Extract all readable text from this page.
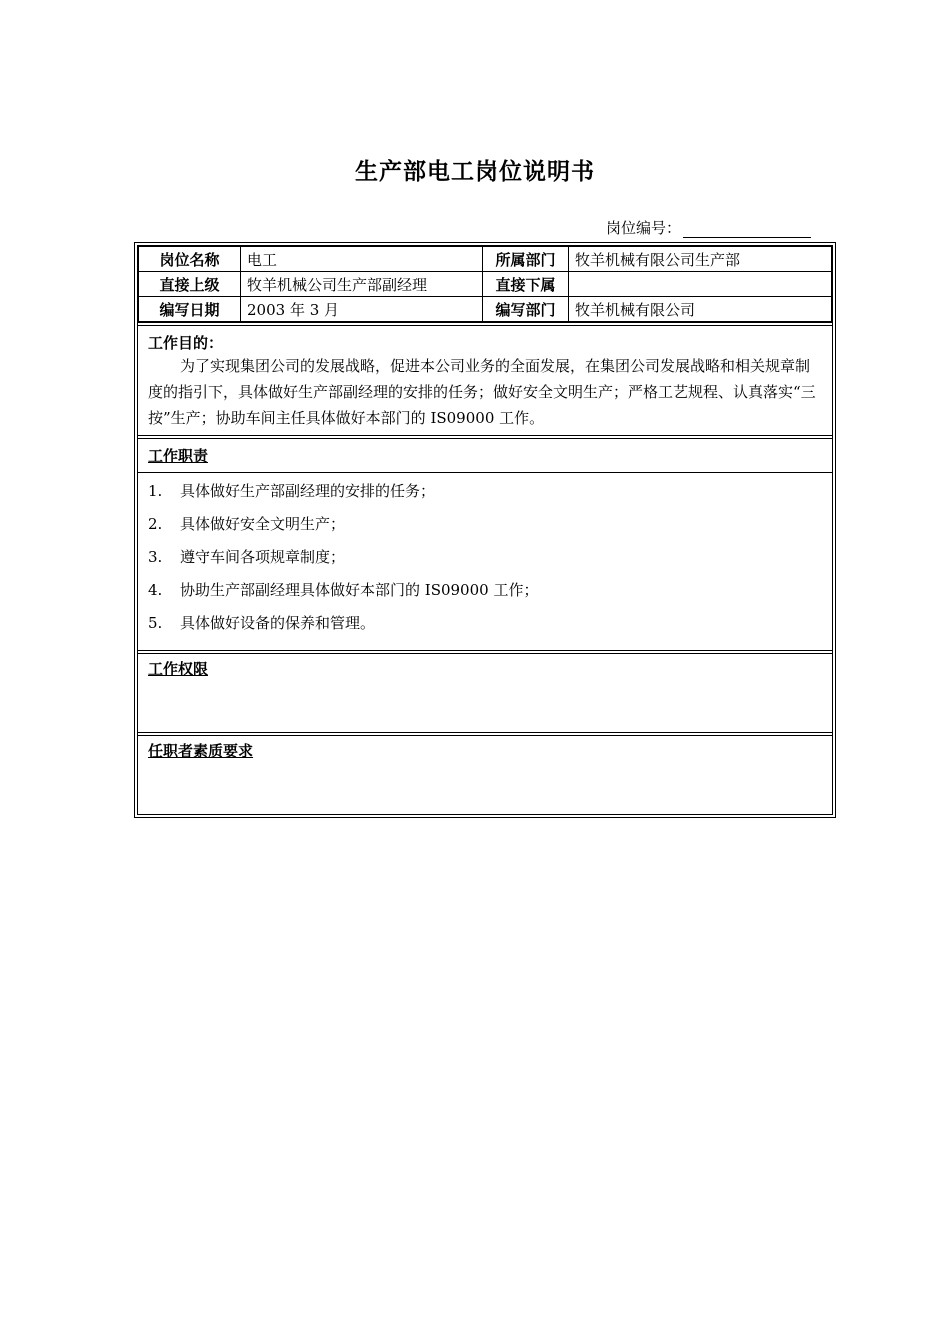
生产部电工岗位说明书
岗位编号：
岗位名称	电工	所属部门	牧羊机械有限公司生产部
直接上级	牧羊机械公司生产部副经理	直接下属	
编写日期	2003 年 3 月	编写部门	牧羊机械有限公司
工作目的：
为了实现集团公司的发展战略，促进本公司业务的全面发展，在集团公司发展战略和相关规章制度的指引下，具体做好生产部副经理的安排的任务；做好安全文明生产；严格工艺规程、认真落实“三按”生产；协助车间主任具体做好本部门的 IS09000 工作。
工作职责
1. 具体做好生产部副经理的安排的任务；
2. 具体做好安全文明生产；
3. 遵守车间各项规章制度；
4. 协助生产部副经理具体做好本部门的 IS09000 工作；
5. 具体做好设备的保养和管理。
工作权限
任职者素质要求
